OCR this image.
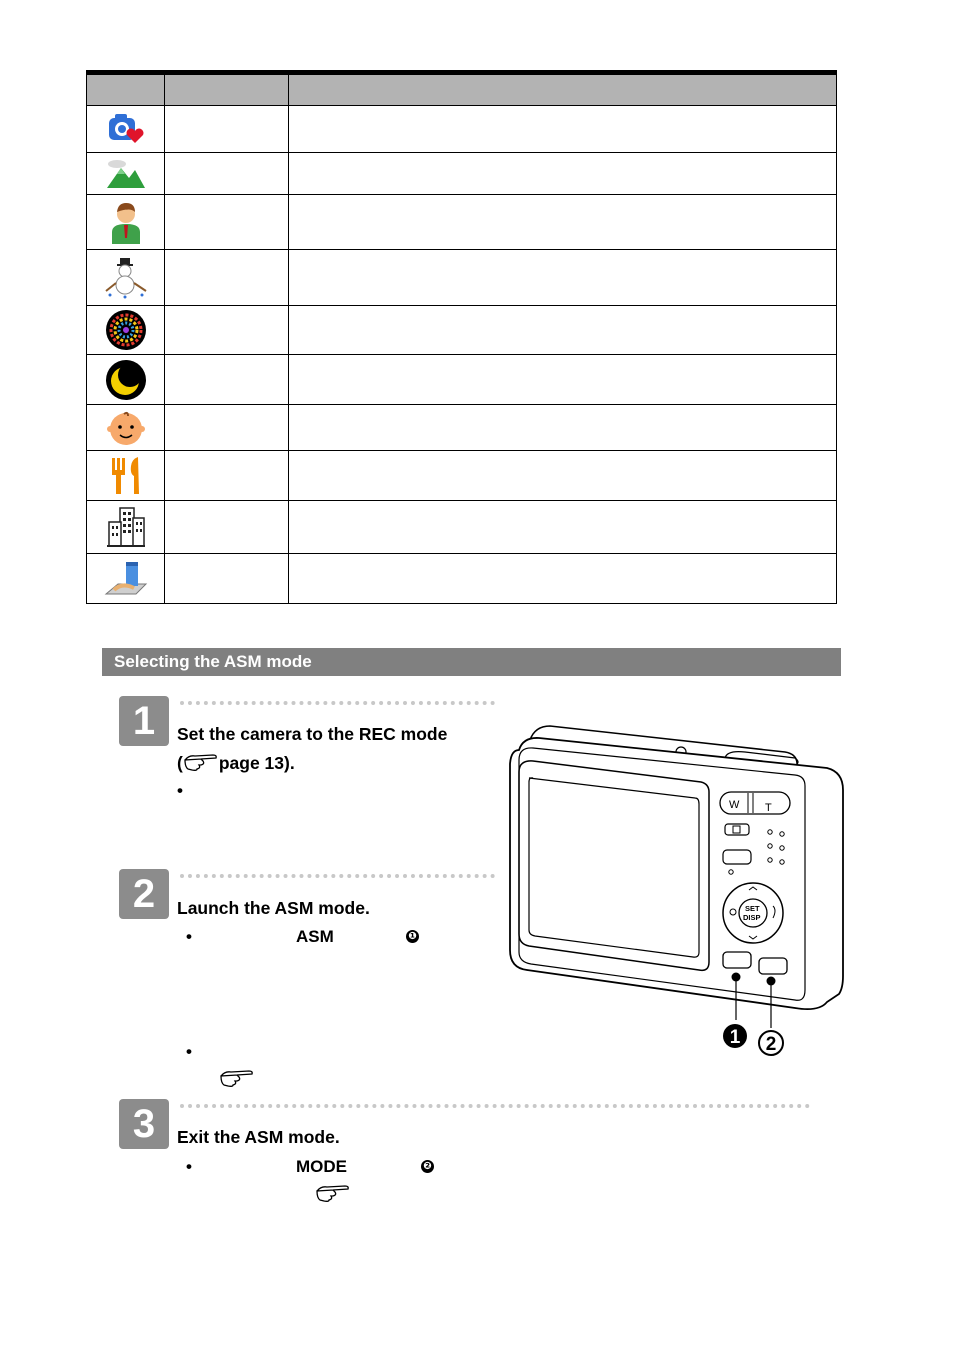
Selecting the ASM mode
1	Set the camera to the REC mode
( page 13).
•
2	Launch the ASM mode.
•	ASM	❶
•
3	Exit the ASM mode.
•	MODE	❷
W T
SET
DISP
1 2
